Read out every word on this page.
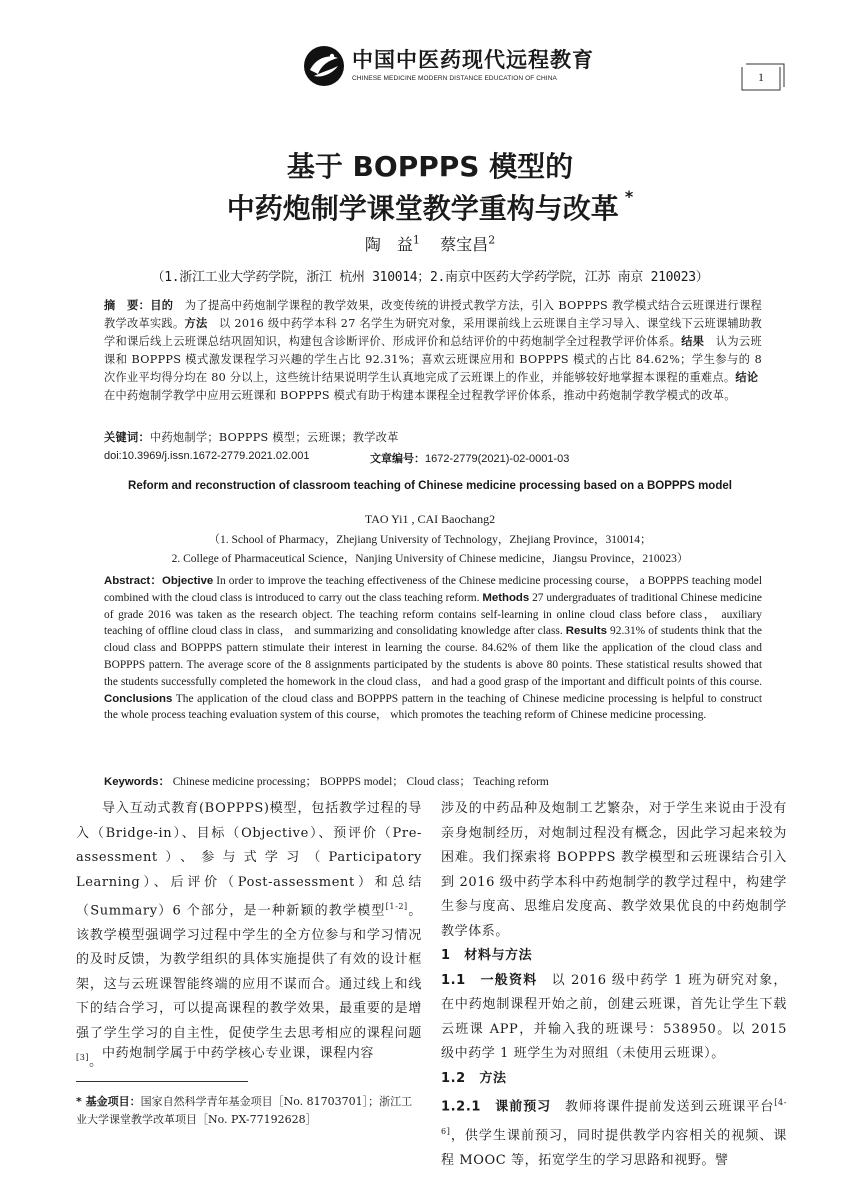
中国中医药现代远程教育
CHINESE MEDICINE MODERN DISTANCE EDUCATION OF CHINA	1
基于 BOPPPS 模型的
中药炮制学课堂教学重构与改革 *
陶　益$^1$ 蔡宝昌$^2$
（1.浙江工业大学药学院，浙江 杭州 310014；2.南京中医药大学药学院，江苏 南京 210023）
摘　要：目的　为了提高中药炮制学课程的教学效果，改变传统的讲授式教学方法，引入 BOPPPS 教学模式结合云班课进行课程教学改革实践。方法　以 2016 级中药学本科 27 名学生为研究对象，采用课前线上云班课自主学习导入、课堂线下云班课辅助教学和课后线上云班课总结巩固知识，构建包含诊断评价、形成评价和总结评价的中药炮制学全过程教学评价体系。结果　认为云班课和 BOPPPS 模式激发课程学习兴趣的学生占比 92.31%；喜欢云班课应用和 BOPPPS 模式的占比 84.62%；学生参与的 8 次作业平均得分均在 80 分以上，这些统计结果说明学生认真地完成了云班课上的作业，并能够较好地掌握本课程的重难点。结论　在中药炮制学教学中应用云班课和 BOPPPS 模式有助于构建本课程全过程教学评价体系，推动中药炮制学教学模式的改革。
关键词：中药炮制学；BOPPPS 模型；云班课；教学改革
doi:10.3969/j.issn.1672-2779.2021.02.001	文章编号：1672-2779(2021)-02-0001-03
Reform and reconstruction of classroom teaching of Chinese medicine processing based on a BOPPPS model
TAO Yi1 , CAI Baochang2
（1. School of Pharmacy，Zhejiang University of Technology，Zhejiang Province，310014；
2. College of Pharmaceutical Science，Nanjing University of Chinese medicine，Jiangsu Province，210023）
Abstract：Objective In order to improve the teaching effectiveness of the Chinese medicine processing course， a BOPPPS teaching model combined with the cloud class is introduced to carry out the class teaching reform. Methods 27 undergraduates of traditional Chinese medicine of grade 2016 was taken as the research object. The teaching reform contains self-learning in online cloud class before class， auxiliary teaching of offline cloud class in class， and summarizing and consolidating knowledge after class. Results 92.31% of students think that the cloud class and BOPPPS pattern stimulate their interest in learning the course. 84.62% of them like the application of the cloud class and BOPPPS pattern. The average score of the 8 assignments participated by the students is above 80 points. These statistical results showed that the students successfully completed the homework in the cloud class， and had a good grasp of the important and difficult points of this course. Conclusions The application of the cloud class and BOPPPS pattern in the teaching of Chinese medicine processing is helpful to construct the whole process teaching evaluation system of this course， which promotes the teaching reform of Chinese medicine processing.
Keywords： Chinese medicine processing； BOPPPS model； Cloud class； Teaching reform

导入互动式教育(BOPPPS)模型，包括教学过程的导入（Bridge-in）、目标（Objective）、预评价（Pre-assessment）、参与式学习（Participatory Learning）、后评价（Post-assessment）和总结（Summary）6 个部分，是一种新颖的教学模型[1-2]。该教学模型强调学习过程中学生的全方位参与和学习情况的及时反馈，为教学组织的具体实施提供了有效的设计框架，这与云班课智能终端的应用不谋而合。通过线上和线下的结合学习，可以提高课程的教学效果，最重要的是增强了学生学习的自主性，促使学生去思考相应的课程问题[3]。

中药炮制学属于中药学核心专业课，课程内容

涉及的中药品种及炮制工艺繁杂，对于学生来说由于没有亲身炮制经历，对炮制过程没有概念，因此学习起来较为困难。我们探索将 BOPPPS 教学模型和云班课结合引入到 2016 级中药学本科中药炮制学的教学过程中，构建学生参与度高、思维启发度高、教学效果优良的中药炮制学教学体系。

1　材料与方法

1.1　一般资料　以 2016 级中药学 1 班为研究对象，在中药炮制课程开始之前，创建云班课，首先让学生下载云班课 APP，并输入我的班课号：538950。以 2015 级中药学 1 班学生为对照组（未使用云班课）。

1.2　方法

1.2.1　课前预习　教师将课件提前发送到云班课平台[4-6]，供学生课前预习，同时提供教学内容相关的视频、课程 MOOC 等，拓宽学生的学习思路和视野。譬

* 基金项目：国家自然科学青年基金项目［No. 81703701］；浙江工业大学课堂教学改革项目［No. PX-77192628］
